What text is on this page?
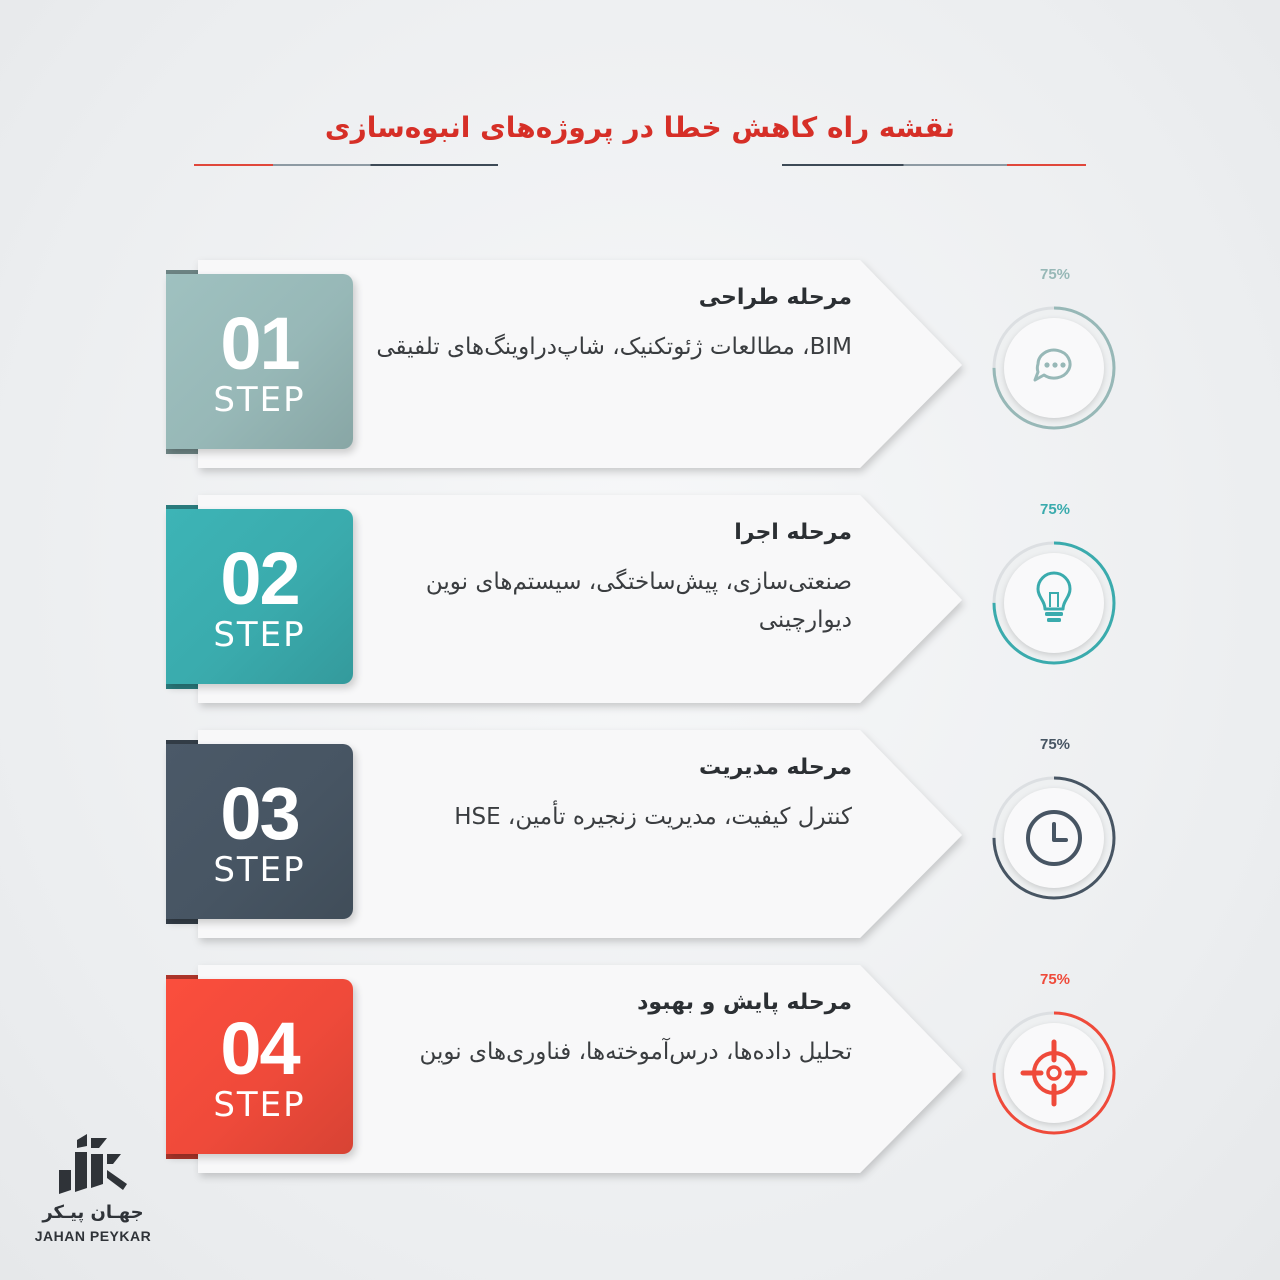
نقشه راه کاهش خطا در پروژه‌های انبوه‌سازی
01
STEP
مرحله طراحی
BIM، مطالعات ژئوتکنیک، شاپ‌دراوینگ‌های تلفیقی
75%
02
STEP
مرحله اجرا
صنعتی‌سازی، پیش‌ساختگی، سیستم‌های نوین دیوارچینی
75%
03
STEP
مرحله مدیریت
کنترل کیفیت، مدیریت زنجیره تأمین، HSE
75%
04
STEP
مرحله پایش و بهبود
تحلیل داده‌ها، درس‌آموخته‌ها، فناوری‌های نوین
75%
جهـان پیـکر
JAHAN PEYKAR
